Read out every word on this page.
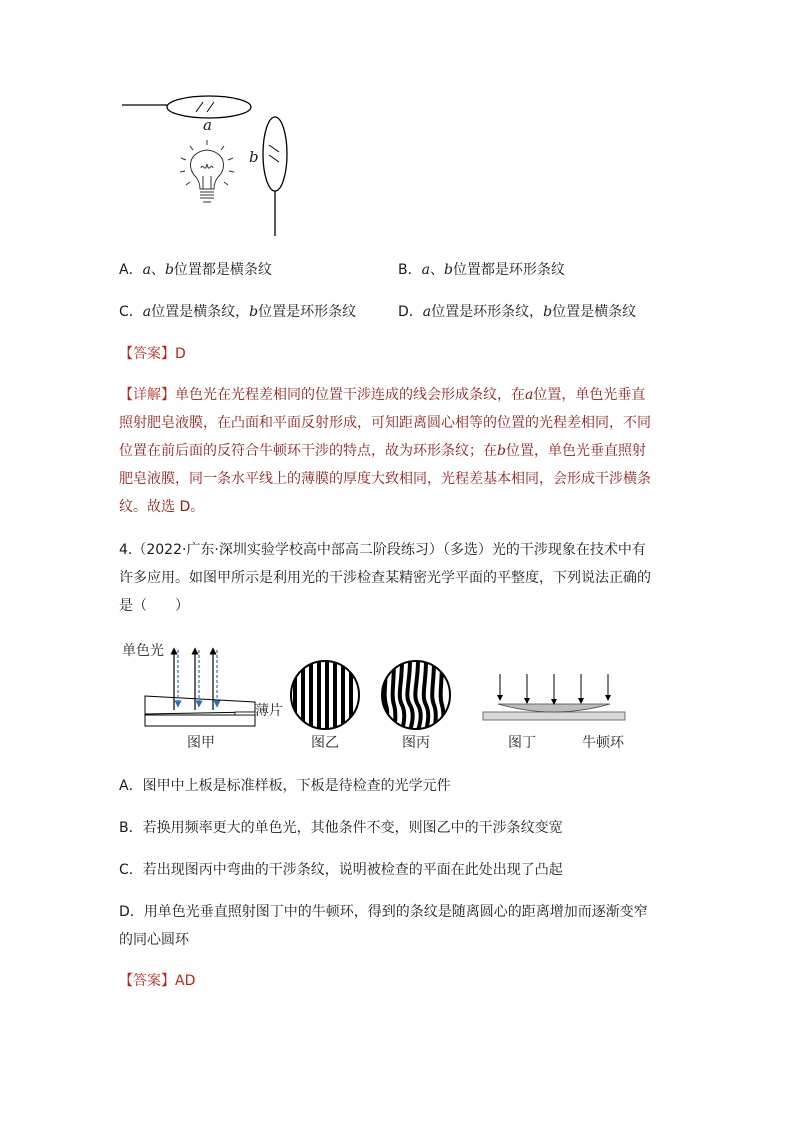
a
b
A．a、b位置都是横条纹	B．a、b位置都是环形条纹
C．a位置是横条纹，b位置是环形条纹	D．a位置是环形条纹，b位置是横条纹
【答案】D
【详解】单色光在光程差相同的位置干涉连成的线会形成条纹，在a位置，单色光垂直
照射肥皂液膜，在凸面和平面反射形成，可知距离圆心相等的位置的光程差相同，不同
位置在前后面的反符合牛顿环干涉的特点，故为环形条纹；在b位置，单色光垂直照射
肥皂液膜，同一条水平线上的薄膜的厚度大致相同，光程差基本相同，会形成干涉横条
纹。故选 D。
4.（2022·广东·深圳实验学校高中部高二阶段练习）（多选）光的干涉现象在技术中有
许多应用。如图甲所示是利用光的干涉检查某精密光学平面的平整度，下列说法正确的
是（　　）
单色光
薄片
图甲	图乙	图丙	图丁	牛顿环
A．图甲中上板是标准样板，下板是待检查的光学元件
B．若换用频率更大的单色光，其他条件不变，则图乙中的干涉条纹变宽
C．若出现图丙中弯曲的干涉条纹，说明被检查的平面在此处出现了凸起
D．用单色光垂直照射图丁中的牛顿环，得到的条纹是随离圆心的距离增加而逐渐变窄
的同心圆环
【答案】AD
